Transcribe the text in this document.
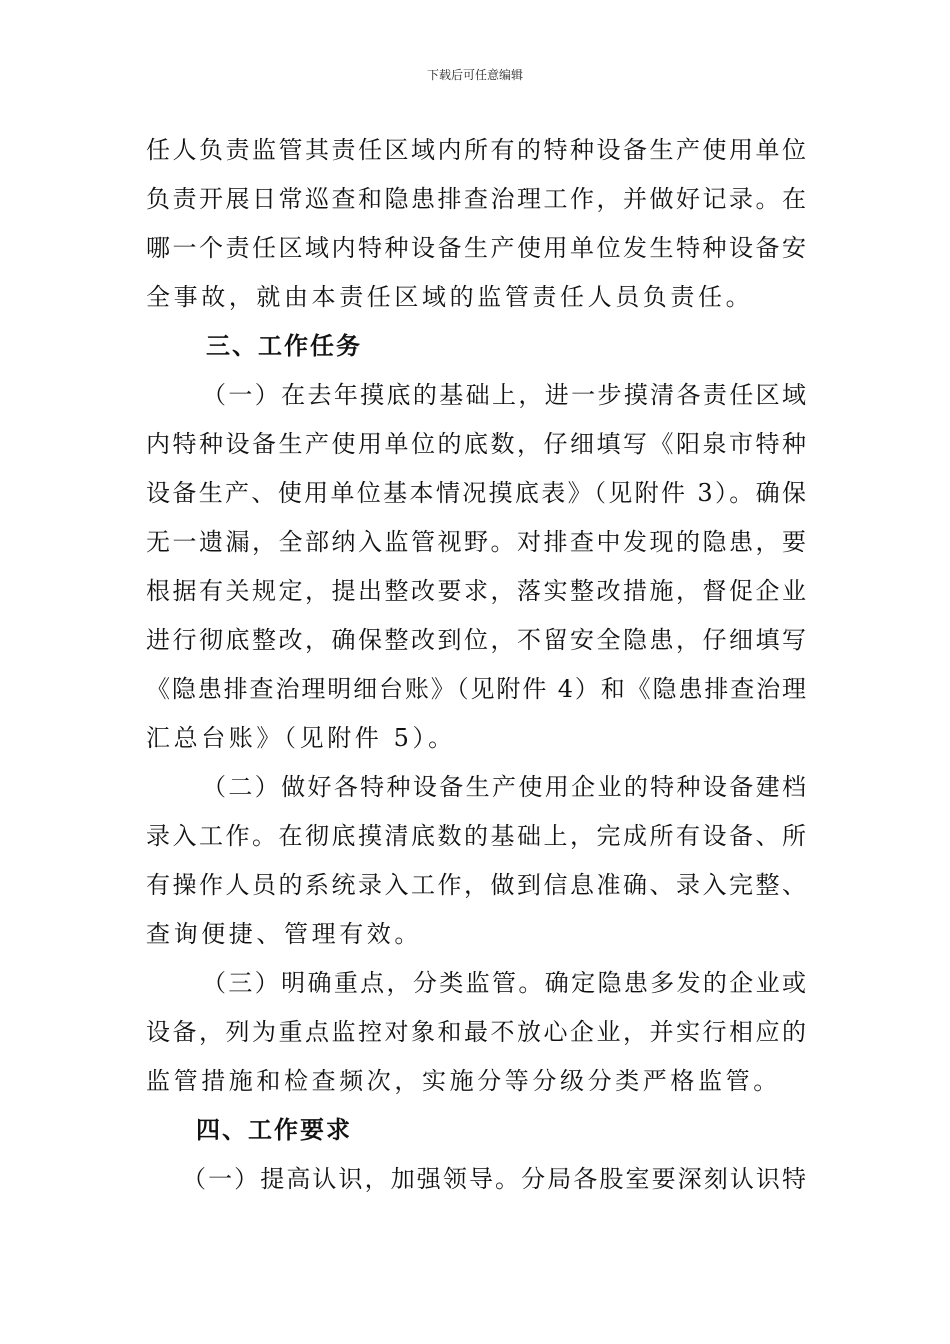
下载后可任意编辑
任人负责监管其责任区域内所有的特种设备生产使用单位
负责开展日常巡查和隐患排查治理工作，并做好记录。在
哪一个责任区域内特种设备生产使用单位发生特种设备安
全事故，就由本责任区域的监管责任人员负责任。
三、工作任务
（一）在去年摸底的基础上，进一步摸清各责任区域
内特种设备生产使用单位的底数，仔细填写《阳泉市特种
设备生产、使用单位基本情况摸底表》（见附件 3）。确保
无一遗漏，全部纳入监管视野。对排查中发现的隐患，要
根据有关规定，提出整改要求，落实整改措施，督促企业
进行彻底整改，确保整改到位，不留安全隐患，仔细填写
《隐患排查治理明细台账》（见附件 4）和《隐患排查治理
汇总台账》（见附件 5）。
（二）做好各特种设备生产使用企业的特种设备建档
录入工作。在彻底摸清底数的基础上，完成所有设备、所
有操作人员的系统录入工作，做到信息准确、录入完整、
查询便捷、管理有效。
（三）明确重点，分类监管。确定隐患多发的企业或
设备，列为重点监控对象和最不放心企业，并实行相应的
监管措施和检查频次，实施分等分级分类严格监管。
四、工作要求
（一）提高认识，加强领导。分局各股室要深刻认识特
